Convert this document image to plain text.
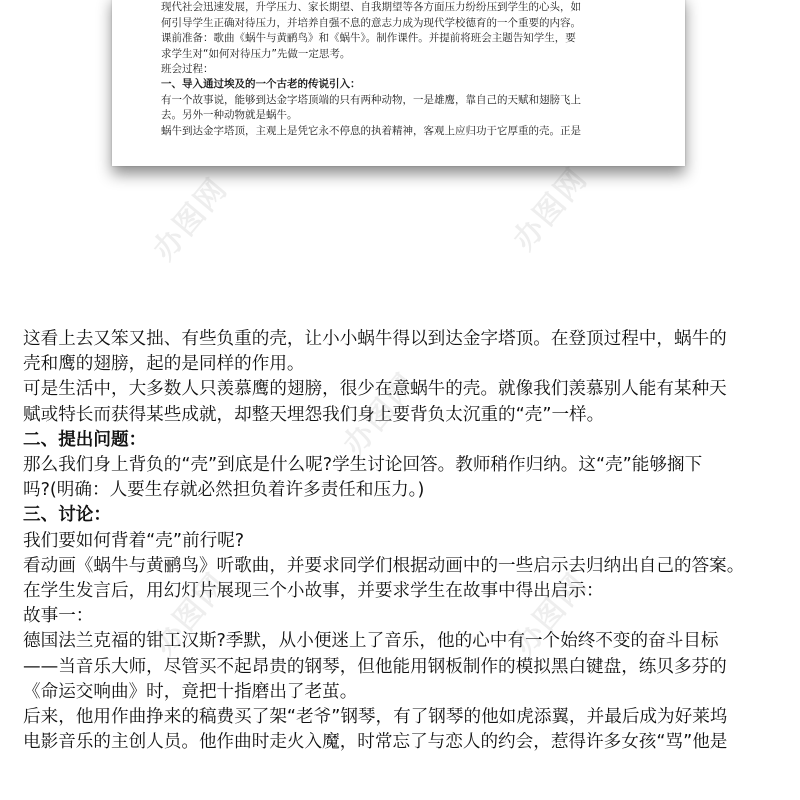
办图网	办图网
办图网
办图网	办图网
现代社会迅速发展，升学压力、家长期望、自我期望等各方面压力纷纷压到学生的心头，如
何引导学生正确对待压力，并培养自强不息的意志力成为现代学校德育的一个重要的内容。
课前准备：歌曲《蜗牛与黄鹂鸟》和《蜗牛》。制作课件。并提前将班会主题告知学生，要
求学生对“如何对待压力”先做一定思考。
班会过程：
一、导入通过埃及的一个古老的传说引入：
有一个故事说，能够到达金字塔顶端的只有两种动物，一是雄鹰，靠自己的天赋和翅膀飞上
去。另外一种动物就是蜗牛。
蜗牛到达金字塔顶，主观上是凭它永不停息的执着精神，客观上应归功于它厚重的壳。正是

这看上去又笨又拙、有些负重的壳，让小小蜗牛得以到达金字塔顶。在登顶过程中，蜗牛的

壳和鹰的翅膀，起的是同样的作用。

可是生活中，大多数人只羡慕鹰的翅膀，很少在意蜗牛的壳。就像我们羡慕别人能有某种天

赋或特长而获得某些成就，却整天埋怨我们身上要背负太沉重的“壳”一样。

二、提出问题：

那么我们身上背负的“壳”到底是什么呢?学生讨论回答。教师稍作归纳。这“壳”能够搁下

吗?(明确：人要生存就必然担负着许多责任和压力。)

三、讨论：

我们要如何背着“壳”前行呢?

看动画《蜗牛与黄鹂鸟》听歌曲，并要求同学们根据动画中的一些启示去归纳出自己的答案。

在学生发言后，用幻灯片展现三个小故事，并要求学生在故事中得出启示：

故事一：

德国法兰克福的钳工汉斯?季默，从小便迷上了音乐，他的心中有一个始终不变的奋斗目标

——当音乐大师，尽管买不起昂贵的钢琴，但他能用钢板制作的模拟黑白键盘，练贝多芬的

《命运交响曲》时，竟把十指磨出了老茧。

后来，他用作曲挣来的稿费买了架“老爷”钢琴，有了钢琴的他如虎添翼，并最后成为好莱坞

电影音乐的主创人员。他作曲时走火入魔，时常忘了与恋人的约会，惹得许多女孩“骂”他是
